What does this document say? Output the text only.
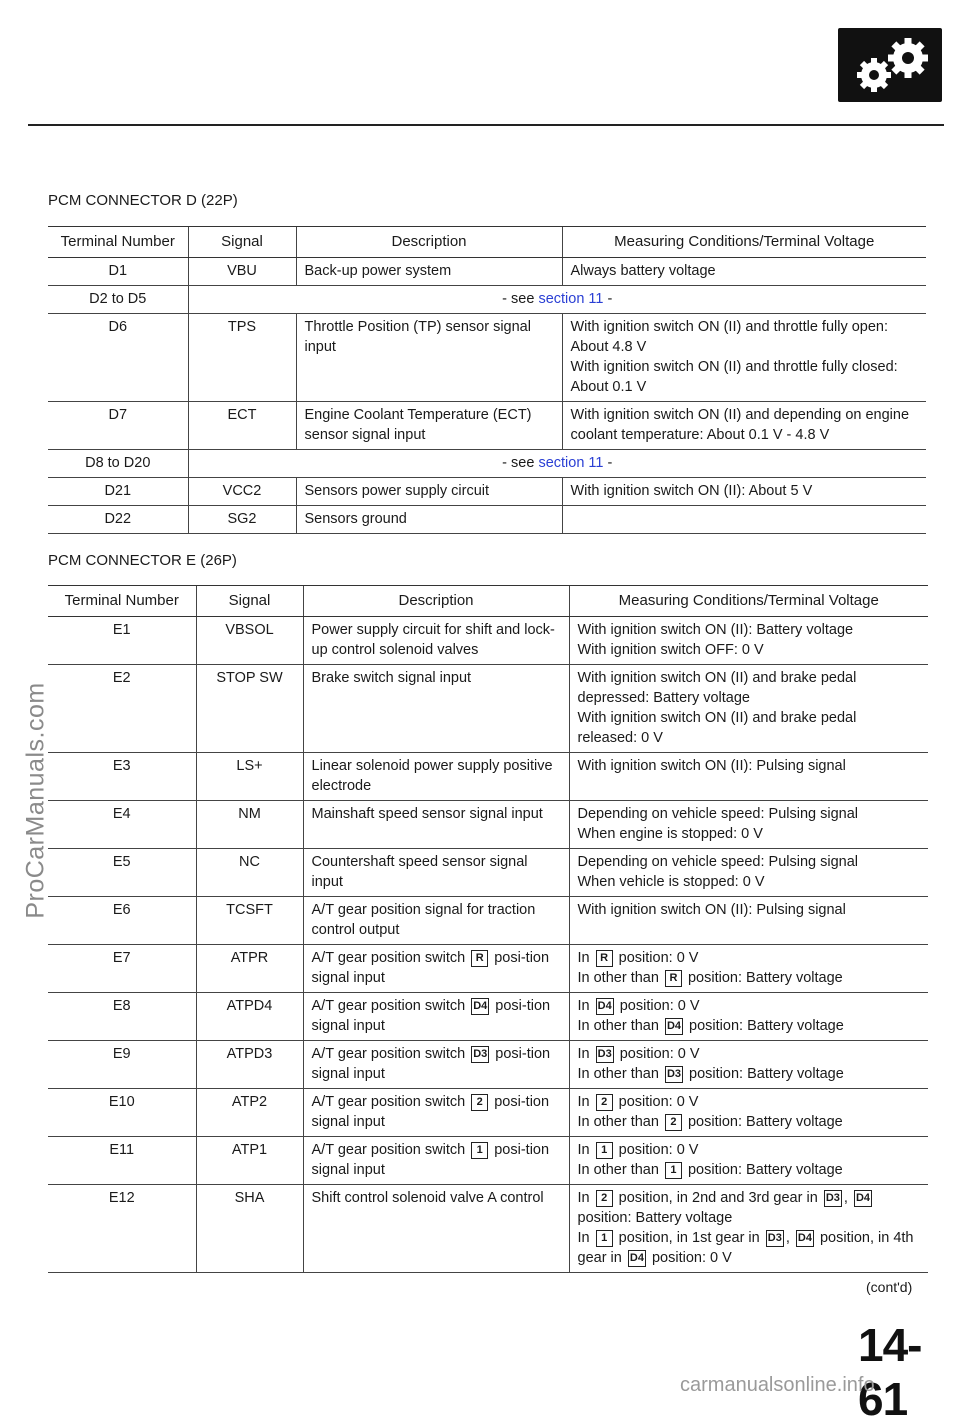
ProCarManuals.com
PCM CONNECTOR D (22P)
Terminal Number	Signal	Description	Measuring Conditions/Terminal Voltage
D1	VBU	Back-up power system	Always battery voltage
D2 to D5	- see section 11 -		
D6	TPS	Throttle Position (TP) sensor signal input	With ignition switch ON (II) and throttle fully open: About 4.8 V
With ignition switch ON (II) and throttle fully closed: About 0.1 V

D7	ECT	Engine Coolant Temperature (ECT) sensor signal input	With ignition switch ON (II) and depending on engine coolant temperature: About 0.1 V - 4.8 V
D8 to D20	- see section 11 -		
D21	VCC2	Sensors power supply circuit	With ignition switch ON (II): About 5 V
D22	SG2	Sensors ground	
PCM CONNECTOR E (26P)
Terminal Number	Signal	Description	Measuring Conditions/Terminal Voltage
E1	VBSOL	Power supply circuit for shift and lock-up control solenoid valves	With ignition switch ON (II): Battery voltage
With ignition switch OFF: 0 V

E2	STOP SW	Brake switch signal input	With ignition switch ON (II) and brake pedal depressed: Battery voltage
With ignition switch ON (II) and brake pedal released: 0 V

E3	LS+	Linear solenoid power supply positive electrode	With ignition switch ON (II): Pulsing signal
E4	NM	Mainshaft speed sensor signal input	Depending on vehicle speed: Pulsing signal
When engine is stopped: 0 V

E5	NC	Countershaft speed sensor signal input	Depending on vehicle speed: Pulsing signal
When vehicle is stopped: 0 V

E6	TCSFT	A/T gear position signal for traction control output	With ignition switch ON (II): Pulsing signal
E7	ATPR	A/T gear position switch R posi-tion signal input	In R position: 0 V
In other than R position: Battery voltage

E8	ATPD4	A/T gear position switch D4 posi-tion signal input	In D4 position: 0 V
In other than D4 position: Battery voltage

E9	ATPD3	A/T gear position switch D3 posi-tion signal input	In D3 position: 0 V
In other than D3 position: Battery voltage

E10	ATP2	A/T gear position switch 2 posi-tion signal input	In 2 position: 0 V
In other than 2 position: Battery voltage

E11	ATP1	A/T gear position switch 1 posi-tion signal input	In 1 position: 0 V
In other than 1 position: Battery voltage

E12	SHA	Shift control solenoid valve A control	In 2 position, in 2nd and 3rd gear in D3 , D4 position: Battery voltage
In 1 position, in 1st gear in D3 , D4 position, in 4th gear in D4 position: 0 V
(cont'd)
14-61
carmanualsonline.info
